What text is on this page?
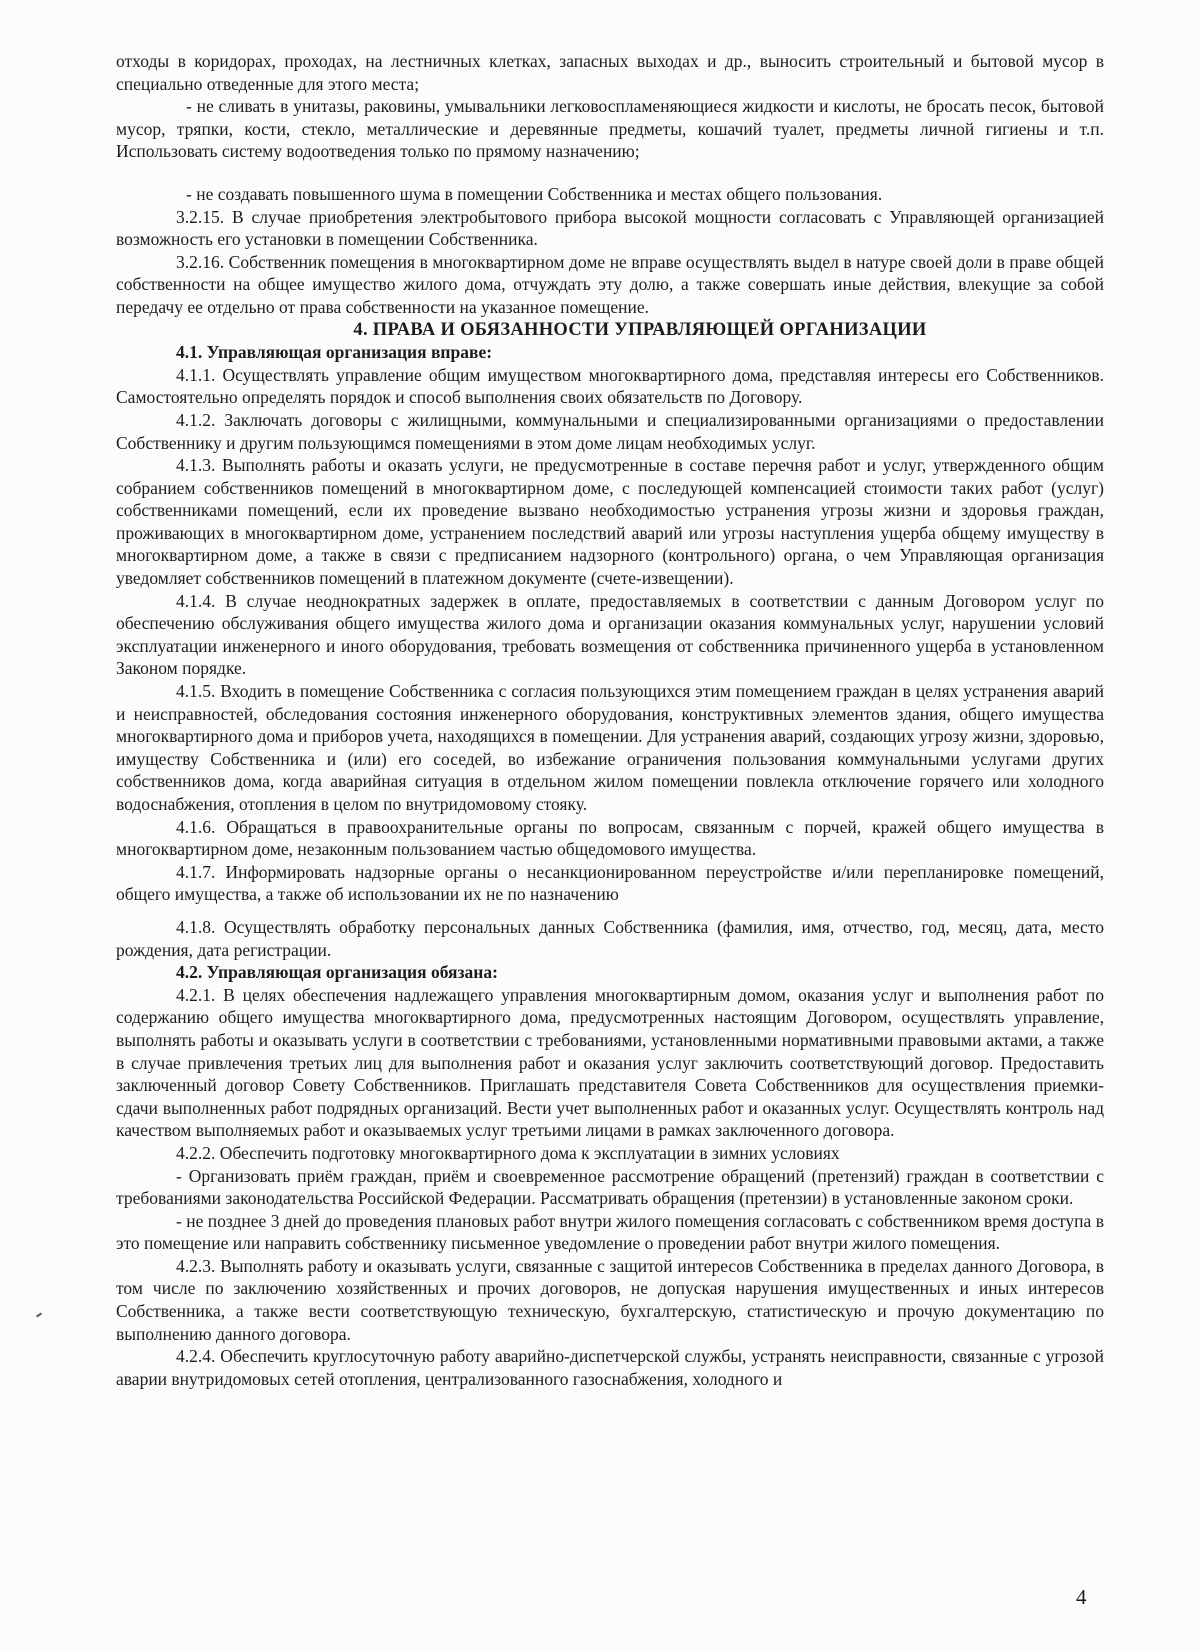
отходы в коридорах, проходах, на лестничных клетках, запасных выходах и др., выносить строительный и бытовой мусор в специально отведенные для этого места;

- не сливать в унитазы, раковины, умывальники легковоспламеняющиеся жидкости и кислоты, не бросать песок, бытовой мусор, тряпки, кости, стекло, металлические и деревянные предметы, кошачий туалет, предметы личной гигиены и т.п. Использовать систему водоотведения только по прямому назначению;

- не создавать повышенного шума в помещении Собственника и местах общего пользования.

3.2.15. В случае приобретения электробытового прибора высокой мощности согласовать с Управляющей организацией возможность его установки в помещении Собственника.

3.2.16. Собственник помещения в многоквартирном доме не вправе осуществлять выдел в натуре своей доли в праве общей собственности на общее имущество жилого дома, отчуждать эту долю, а также совершать иные действия, влекущие за собой передачу ее отдельно от права собственности на указанное помещение.

4. ПРАВА И ОБЯЗАННОСТИ УПРАВЛЯЮЩЕЙ ОРГАНИЗАЦИИ

4.1. Управляющая организация вправе:

4.1.1. Осуществлять управление общим имуществом многоквартирного дома, представляя интересы его Собственников. Самостоятельно определять порядок и способ выполнения своих обязательств по Договору.

4.1.2. Заключать договоры с жилищными, коммунальными и специализированными организациями о предоставлении Собственнику и другим пользующимся помещениями в этом доме лицам необходимых услуг.

4.1.3. Выполнять работы и оказать услуги, не предусмотренные в составе перечня работ и услуг, утвержденного общим собранием собственников помещений в многоквартирном доме, с последующей компенсацией стоимости таких работ (услуг) собственниками помещений, если их проведение вызвано необходимостью устранения угрозы жизни и здоровья граждан, проживающих в многоквартирном доме, устранением последствий аварий или угрозы наступления ущерба общему имуществу в многоквартирном доме, а также в связи с предписанием надзорного (контрольного) органа, о чем Управляющая организация уведомляет собственников помещений в платежном документе (счете-извещении).

4.1.4. В случае неоднократных задержек в оплате, предоставляемых в соответствии с данным Договором услуг по обеспечению обслуживания общего имущества жилого дома и организации оказания коммунальных услуг, нарушении условий эксплуатации инженерного и иного оборудования, требовать возмещения от собственника причиненного ущерба в установленном Законом порядке.

4.1.5. Входить в помещение Собственника с согласия пользующихся этим помещением граждан в целях устранения аварий и неисправностей, обследования состояния инженерного оборудования, конструктивных элементов здания, общего имущества многоквартирного дома и приборов учета, находящихся в помещении. Для устранения аварий, создающих угрозу жизни, здоровью, имуществу Собственника и (или) его соседей, во избежание ограничения пользования коммунальными услугами других собственников дома, когда аварийная ситуация в отдельном жилом помещении повлекла отключение горячего или холодного водоснабжения, отопления в целом по внутридомовому стояку.

4.1.6. Обращаться в правоохранительные органы по вопросам, связанным с порчей, кражей общего имущества в многоквартирном доме, незаконным пользованием частью общедомового имущества.

4.1.7. Информировать надзорные органы о несанкционированном переустройстве и/или перепланировке помещений, общего имущества, а также об использовании их не по назначению

4.1.8. Осуществлять обработку персональных данных Собственника (фамилия, имя, отчество, год, месяц, дата, место рождения, дата регистрации.

4.2. Управляющая организация обязана:

4.2.1. В целях обеспечения надлежащего управления многоквартирным домом, оказания услуг и выполнения работ по содержанию общего имущества многоквартирного дома, предусмотренных настоящим Договором, осуществлять управление, выполнять работы и оказывать услуги в соответствии с требованиями, установленными нормативными правовыми актами, а также в случае привлечения третьих лиц для выполнения работ и оказания услуг заключить соответствующий договор. Предоставить заключенный договор Совету Собственников. Приглашать представителя Совета Собственников для осуществления приемки-сдачи выполненных работ подрядных организаций. Вести учет выполненных работ и оказанных услуг. Осуществлять контроль над качеством выполняемых работ и оказываемых услуг третьими лицами в рамках заключенного договора.

4.2.2. Обеспечить подготовку многоквартирного дома к эксплуатации в зимних условиях

- Организовать приём граждан, приём и своевременное рассмотрение обращений (претензий) граждан в соответствии с требованиями законодательства Российской Федерации. Рассматривать обращения (претензии) в установленные законом сроки.

- не позднее 3 дней до проведения плановых работ внутри жилого помещения согласовать с собственником время доступа в это помещение или направить собственнику письменное уведомление о проведении работ внутри жилого помещения.

4.2.3. Выполнять работу и оказывать услуги, связанные с защитой интересов Собственника в пределах данного Договора, в том числе по заключению хозяйственных и прочих договоров, не допуская нарушения имущественных и иных интересов Собственника, а также вести соответствующую техническую, бухгалтерскую, статистическую и прочую документацию по выполнению данного договора.

4.2.4. Обеспечить круглосуточную работу аварийно-диспетчерской службы, устранять неисправности, связанные с угрозой аварии внутридомовых сетей отопления, централизованного газоснабжения, холодного и

4
